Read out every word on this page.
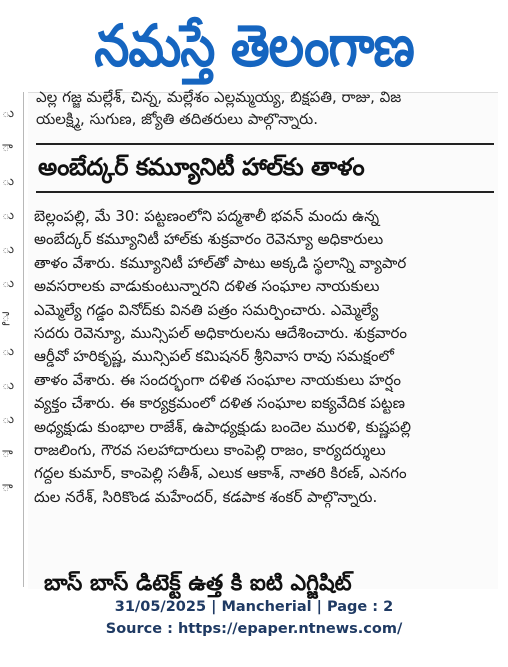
నమస్తే తెలంగాణ
ు
ా
ు
ు
ు
ు
ై
ు
ు
ు
ా
ా
ఎల్ల గజ్జ మల్లేశ్, చిన్న, మల్లేశం ఎల్లమ్మయ్య, బిక్షపతి, రాజు, విజ
యలక్ష్మి, సుగుణ, జ్యోతి తదితరులు పాల్గొన్నారు.
అంబేద్కర్ కమ్యూనిటీ హాల్‌కు తాళం
బెల్లంపల్లి, మే 30: పట్టణంలోని పద్మశాలీ భవన్ మందు ఉన్న
అంబేద్కర్ కమ్యూనిటీ హాల్‌కు శుక్రవారం రెవెన్యూ అధికారులు
తాళం వేశారు. కమ్యూనిటీ హాల్‌తో పాటు అక్కడి స్థలాన్ని వ్యాపార
అవసరాలకు వాడుకుంటున్నారని దళిత సంఘాల నాయకులు
ఎమ్మెల్యే గడ్డం వినోద్‌కు వినతి పత్రం సమర్పించారు. ఎమ్మెల్యే
సదరు రెవెన్యూ, మున్సిపల్ అధికారులను ఆదేశించారు. శుక్రవారం
ఆర్డీవో హరికృష్ణ, మున్సిపల్ కమిషనర్ శ్రీనివాస రావు సమక్షంలో
తాళం వేశారు. ఈ సందర్భంగా దళిత సంఘాల నాయకులు హర్షం
వ్యక్తం చేశారు. ఈ కార్యక్రమంలో దళిత సంఘాల ఐక్యవేదిక పట్టణ
అధ్యక్షుడు కుంభాల రాజేశ్, ఉపాధ్యక్షుడు బందెల మురళి, కుష్ణపల్లి
రాజలింగు, గౌరవ సలహాదారులు కాంపెల్లి రాజం, కార్యదర్శులు
గద్దల కుమార్, కాంపెల్లి సతీశ్, ఎలుక ఆకాశ్, నాతరి కిరణ్, ఎనగం
దుల నరేశ్, సిరికొండ మహేందర్, కడపాక శంకర్ పాల్గొన్నారు.
బాస్ బాస్ డిటెక్ట్ ఉత్త కి ఐటి ఎగ్జిషిట్
31/05/2025 | Mancherial | Page : 2
Source : https://epaper.ntnews.com/
